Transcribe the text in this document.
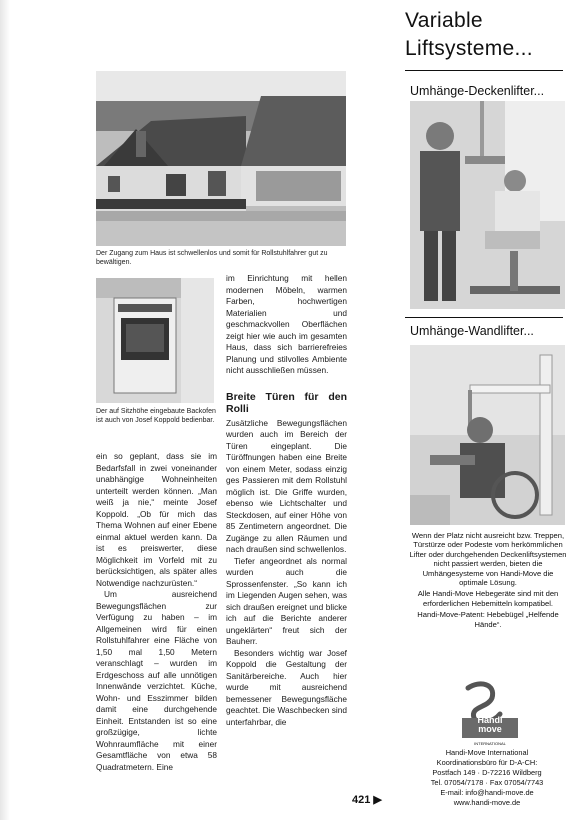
Der Zugang zum Haus ist schwellenlos und somit für Rollstuhlfahrer gut zu bewältigen.
Der auf Sitzhöhe eingebaute Backofen ist auch von Josef Koppold bedienbar.

ein so geplant, dass sie im Bedarfsfall in zwei voneinander unabhängige Wohneinheiten unterteilt werden können. „Man weiß ja nie,“ meinte Josef Koppold. „Ob für mich das Thema Wohnen auf einer Ebene einmal aktuel werden kann. Da ist es preiswerter, diese Möglichkeit im Vorfeld mit zu berücksichtigen, als später alles Notwendige nachzurüsten.“

Um ausreichend Bewegungsflächen zur Verfügung zu haben – im Allgemeinen wird für einen Rollstuhlfahrer eine Fläche von 1,50 mal 1,50 Metern veranschlagt – wurden im Erdgeschoss auf alle unnötigen Innenwände verzichtet. Küche, Wohn- und Esszimmer bilden damit eine durchgehende Einheit. Entstanden ist so eine großzügige, lichte Wohnraumfläche mit einer Gesamtfläche von etwa 58 Quadratmetern. Eine

im Einrichtung mit hellen modernen Möbeln, warmen Farben, hochwertigen Materialien und geschmackvollen Oberflächen zeigt hier wie auch im gesamten Haus, dass sich barrierefreies Planung und stilvolles Ambiente nicht ausschließen müssen.

Breite Türen für den Rolli

Zusätzliche Bewegungsflächen wurden auch im Bereich der Türen eingeplant. Die Türöffnungen haben eine Breite von einem Meter, sodass einzig ges Passieren mit dem Rollstuhl möglich ist. Die Griffe wurden, ebenso wie Lichtschalter und Steckdosen, auf einer Höhe von 85 Zentimetern angeordnet. Die Zugänge zu allen Räumen und nach draußen sind schwellenlos.

Tiefer angeordnet als normal wurden auch die Sprossenfenster. „So kann ich im Liegenden Augen sehen, was sich draußen ereignet und blicke ich auf die Berichte anderer ungeklärten“ freut sich der Bauherr.

Besonders wichtig war Josef Koppold die Gestaltung der Sanitärbereiche. Auch hier wurde mit ausreichend bemessener Bewegungsfläche geachtet. Die Waschbecken sind unterfahrbar, die

421 ▶
Variable
Liftsysteme...
Umhänge-Deckenlifter...
Umhänge-Wandlifter...

Wenn der Platz nicht ausreicht bzw. Treppen, Türstürze oder Podeste vom herkömmlichen Lifter oder durchgehenden Deckenliftsystemen nicht passiert werden, bieten die Umhängesysteme von Handi-Move die optimale Lösung.

Alle Handi-Move Hebegeräte sind mit den erforderlichen Hebemitteln kompatibel.

Handi-Move-Patent: Hebebügel „Helfende Hände“.

Handi
move
INTERNATIONAL
Handi-Move International
Koordinationsbüro für D-A-CH:
Postfach 149 · D-72216 Wildberg
Tel. 07054/7178 · Fax 07054/7743
E-mail: info@handi-move.de
www.handi-move.de
